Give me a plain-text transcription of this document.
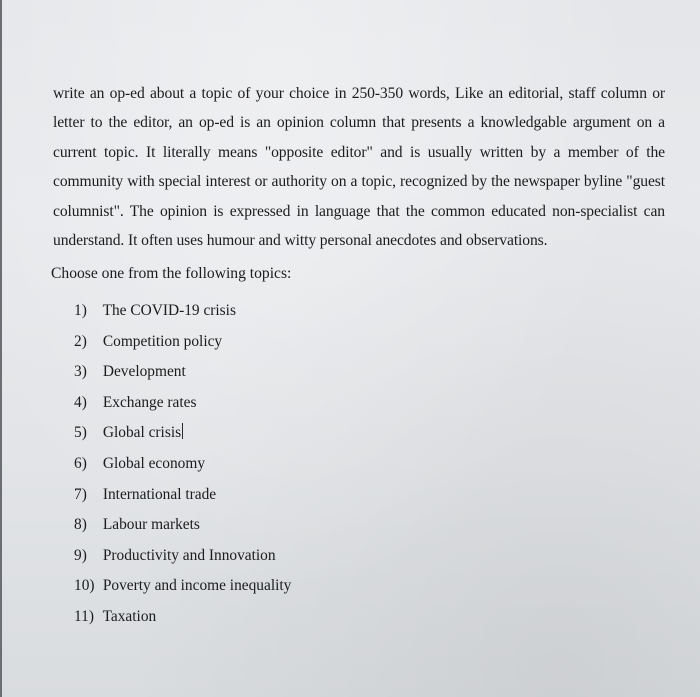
write an op-ed about a topic of your choice in 250-350 words, Like an editorial, staff column or letter to the editor, an op-ed is an opinion column that presents a knowledgable argument on a current topic. It literally means "opposite editor" and is usually written by a member of the community with special interest or authority on a topic, recognized by the newspaper byline "guest columnist". The opinion is expressed in language that the common educated non-specialist can understand. It often uses humour and witty personal anecdotes and observations.

Choose one from the following topics:

1) The COVID-19 crisis
2) Competition policy
3) Development
4) Exchange rates
5) Global crisis
6) Global economy
7) International trade
8) Labour markets
9) Productivity and Innovation
10) Poverty and income inequality
11) Taxation
